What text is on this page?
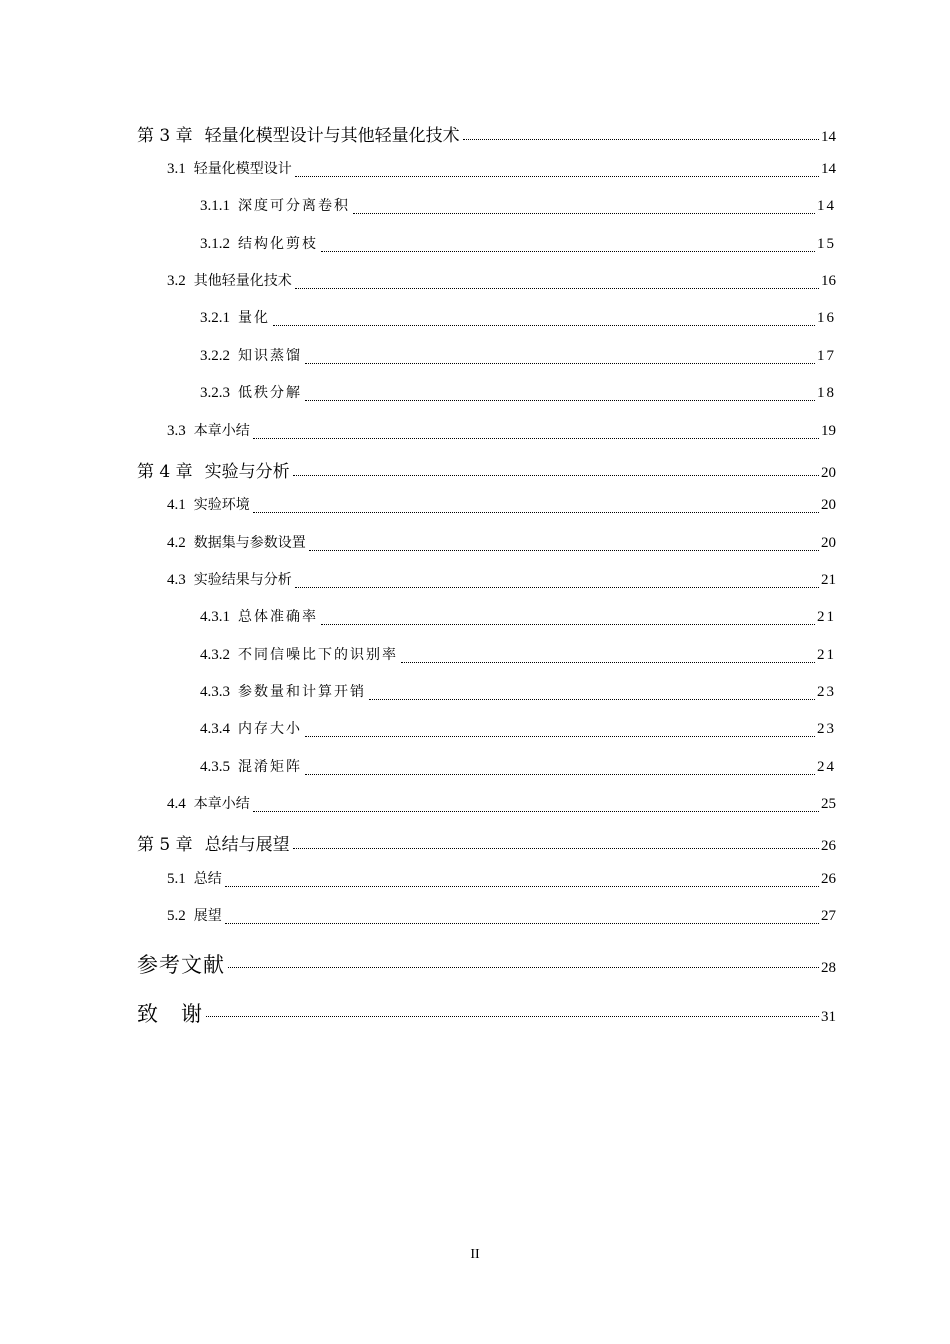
第 3 章 轻量化模型设计与其他轻量化技术	14
3.1 轻量化模型设计	14
3.1.1 深度可分离卷积	14
3.1.2 结构化剪枝	15
3.2 其他轻量化技术	16
3.2.1 量化	16
3.2.2 知识蒸馏	17
3.2.3 低秩分解	18
3.3 本章小结	19
第 4 章 实验与分析	20
4.1 实验环境	20
4.2 数据集与参数设置	20
4.3 实验结果与分析	21
4.3.1 总体准确率	21
4.3.2 不同信噪比下的识别率	21
4.3.3 参数量和计算开销	23
4.3.4 内存大小	23
4.3.5 混淆矩阵	24
4.4 本章小结	25
第 5 章 总结与展望	26
5.1 总结	26
5.2 展望	27
参考文献	28
致　谢	31
II
